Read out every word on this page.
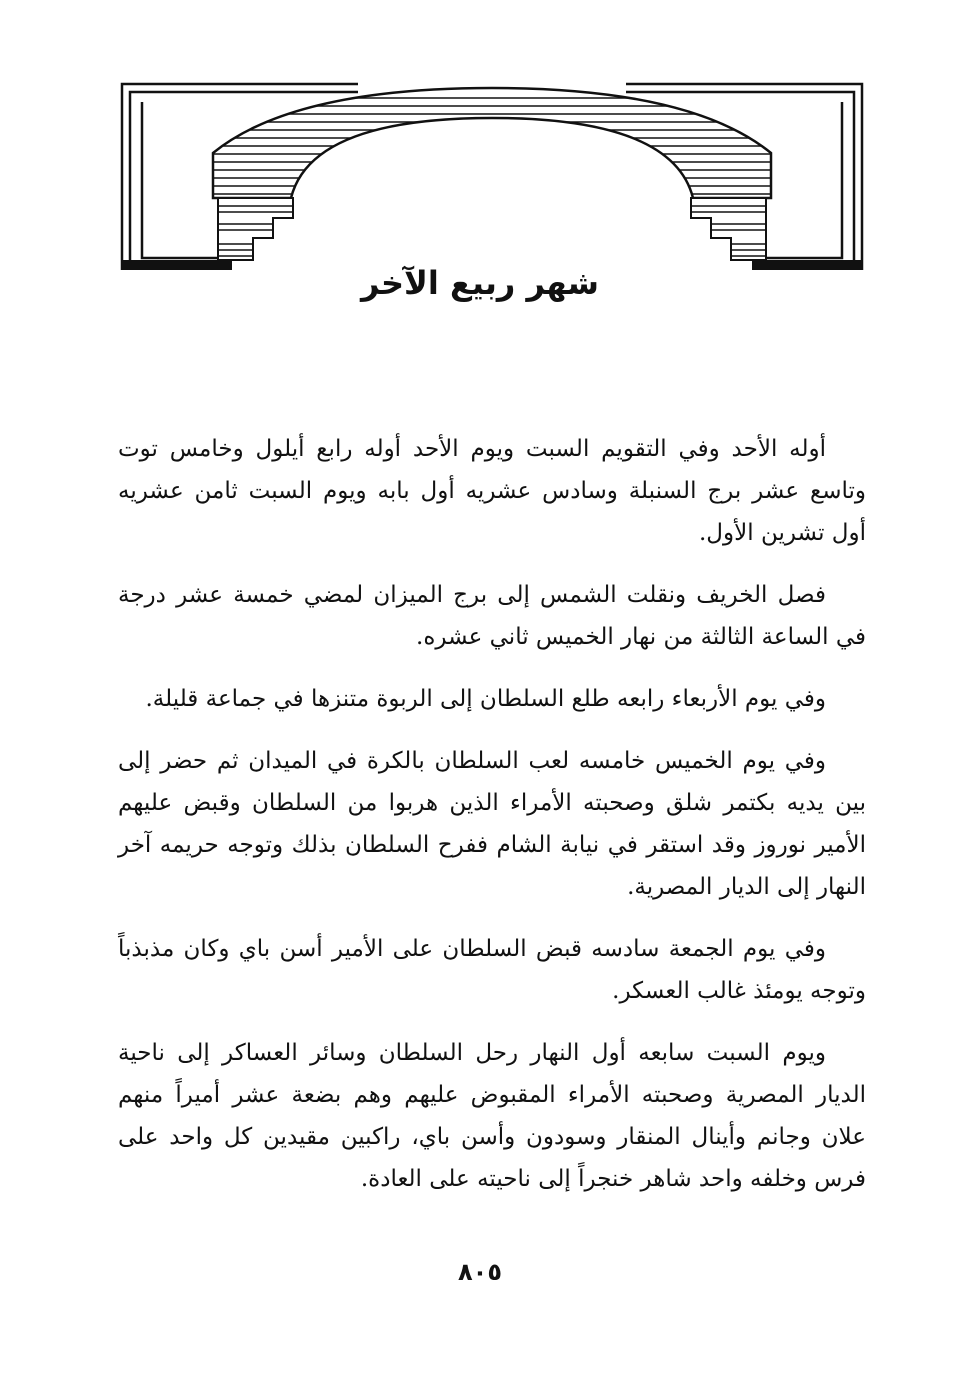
شهر ربيع الآخر

أوله الأحد وفي التقويم السبت ويوم الأحد أوله رابع أيلول وخامس توت وتاسع عشر برج السنبلة وسادس عشريه أول بابه ويوم السبت ثامن عشريه أول تشرين الأول.

فصل الخريف ونقلت الشمس إلى برج الميزان لمضي خمسة عشر درجة في الساعة الثالثة من نهار الخميس ثاني عشره.

وفي يوم الأربعاء رابعه طلع السلطان إلى الربوة متنزها في جماعة قليلة.

وفي يوم الخميس خامسه لعب السلطان بالكرة في الميدان ثم حضر إلى بين يديه بكتمر شلق وصحبته الأمراء الذين هربوا من السلطان وقبض عليهم الأمير نوروز وقد استقر في نيابة الشام ففرح السلطان بذلك وتوجه حريمه آخر النهار إلى الديار المصرية.

وفي يوم الجمعة سادسه قبض السلطان على الأمير أسن باي وكان مذبذباً وتوجه يومئذ غالب العسكر.

ويوم السبت سابعه أول النهار رحل السلطان وسائر العساكر إلى ناحية الديار المصرية وصحبته الأمراء المقبوض عليهم وهم بضعة عشر أميراً منهم علان وجانم وأينال المنقار وسودون وأسن باي، راكبين مقيدين كل واحد على فرس وخلفه واحد شاهر خنجراً إلى ناحيته على العادة.

٨٠٥
